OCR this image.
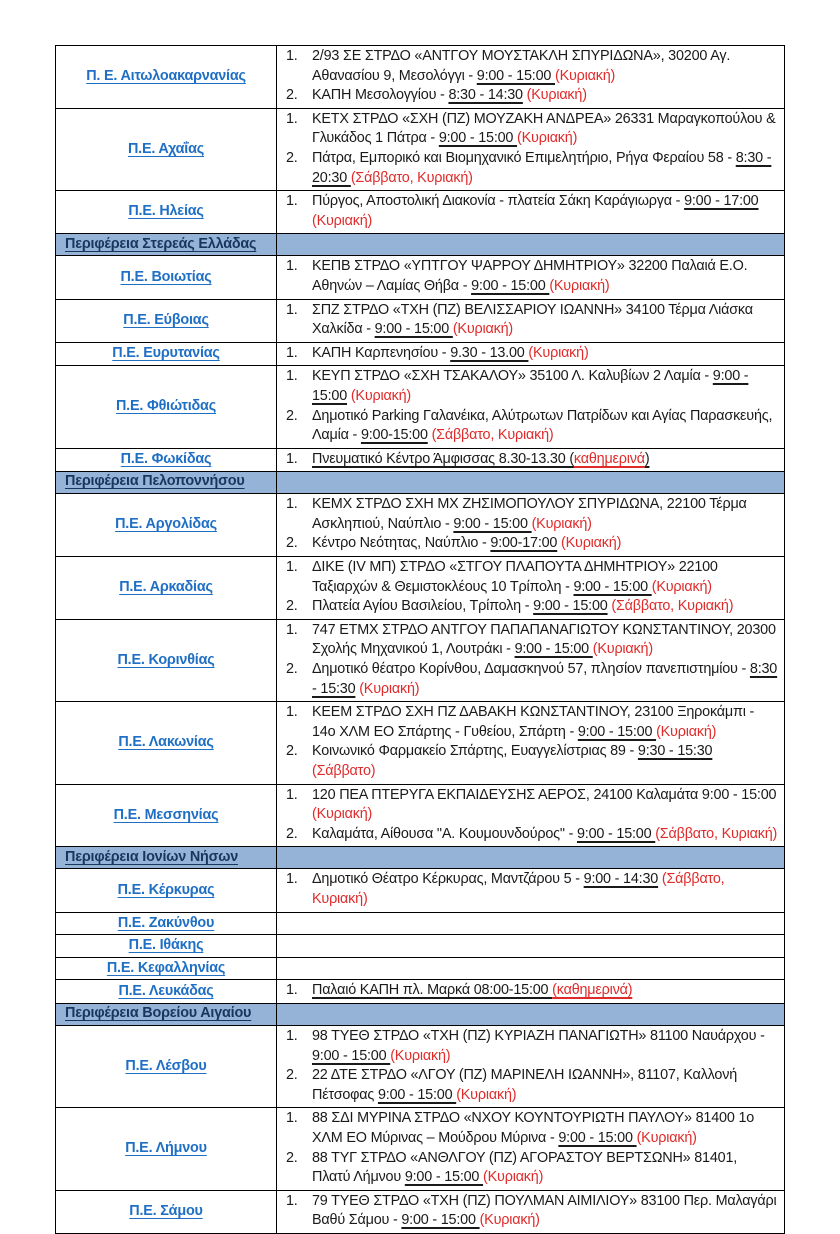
Π. Ε. Αιτωλοακαρνανίας	1. 2/93 ΣΕ ΣΤΡΔΟ «ΑΝΤΓΟΥ ΜΟΥΣΤΑΚΛΗ ΣΠΥΡΙΔΩΝΑ», 30200 Αγ. Αθανασίου 9, Μεσολόγγι - 9:00 - 15:00 (Κυριακή)
2. ΚΑΠΗ Μεσολογγίου - 8:30 - 14:30 (Κυριακή)

Π.Ε. Αχαΐας	1. ΚΕΤΧ ΣΤΡΔΟ «ΣΧΗ (ΠΖ) ΜΟΥΖΑΚΗ ΑΝΔΡΕΑ» 26331 Μαραγκοπούλου & Γλυκάδος 1 Πάτρα - 9:00 - 15:00 (Κυριακή)
2. Πάτρα, Εμπορικό και Βιομηχανικό Επιμελητήριο, Ρήγα Φεραίου 58 - 8:30 - 20:30 (Σάββατο, Κυριακή)

Π.Ε. Ηλείας	1. Πύργος, Αποστολική Διακονία - πλατεία Σάκη Καράγιωργα - 9:00 - 17:00 (Κυριακή)

Περιφέρεια Στερεάς Ελλάδας	
Π.Ε. Βοιωτίας	1. ΚΕΠΒ ΣΤΡΔΟ «ΥΠΤΓΟΥ ΨΑΡΡΟΥ ΔΗΜΗΤΡΙΟΥ» 32200 Παλαιά Ε.Ο. Αθηνών – Λαμίας Θήβα - 9:00 - 15:00 (Κυριακή)

Π.Ε. Εύβοιας	1. ΣΠΖ ΣΤΡΔΟ «ΤΧΗ (ΠΖ) ΒΕΛΙΣΣΑΡΙΟΥ ΙΩΑΝΝΗ» 34100 Τέρμα Λιάσκα Χαλκίδα - 9:00 - 15:00 (Κυριακή)

Π.Ε. Ευρυτανίας	1. ΚΑΠΗ Καρπενησίου - 9.30 - 13.00 (Κυριακή)

Π.Ε. Φθιώτιδας	1. ΚΕΥΠ ΣΤΡΔΟ «ΣΧΗ ΤΣΑΚΑΛΟΥ» 35100 Λ. Καλυβίων 2 Λαμία - 9:00 - 15:00 (Κυριακή)
2. Δημοτικό Parking Γαλανέικα, Αλύτρωτων Πατρίδων και Αγίας Παρασκευής, Λαμία - 9:00-15:00 (Σάββατο, Κυριακή)

Π.Ε. Φωκίδας	1. Πνευματικό Κέντρο Άμφισσας 8.30-13.30 (καθημερινά)

Περιφέρεια Πελοποννήσου	
Π.Ε. Αργολίδας	1. ΚΕΜΧ ΣΤΡΔΟ ΣΧΗ ΜΧ ΖΗΣΙΜΟΠΟΥΛΟΥ ΣΠΥΡΙΔΩΝΑ, 22100 Τέρμα Ασκληπιού, Ναύπλιο - 9:00 - 15:00 (Κυριακή)
2. Κέντρο Νεότητας, Ναύπλιο - 9:00-17:00 (Κυριακή)

Π.Ε. Αρκαδίας	1. ΔΙΚΕ (IV ΜΠ) ΣΤΡΔΟ «ΣΤΓΟΥ ΠΛΑΠΟΥΤΑ ΔΗΜΗΤΡΙΟΥ» 22100 Ταξιαρχών & Θεμιστοκλέους 10 Τρίπολη - 9:00 - 15:00 (Κυριακή)
2. Πλατεία Αγίου Βασιλείου, Τρίπολη - 9:00 - 15:00 (Σάββατο, Κυριακή)

Π.Ε. Κορινθίας	1. 747 ΕΤΜΧ ΣΤΡΔΟ ΑΝΤΓΟΥ ΠΑΠΑΠΑΝΑΓΙΩΤΟΥ ΚΩΝΣΤΑΝΤΙΝΟΥ, 20300 Σχολής Μηχανικού 1, Λουτράκι - 9:00 - 15:00 (Κυριακή)
2. Δημοτικό θέατρο Κορίνθου, Δαμασκηνού 57, πλησίον πανεπιστημίου - 8:30 - 15:30 (Κυριακή)

Π.Ε. Λακωνίας	1. ΚΕΕΜ ΣΤΡΔΟ ΣΧΗ ΠΖ ΔΑΒΑΚΗ ΚΩΝΣΤΑΝΤΙΝΟΥ, 23100 Ξηροκάμπι - 14ο ΧΛΜ ΕΟ Σπάρτης - Γυθείου, Σπάρτη - 9:00 - 15:00 (Κυριακή)
2. Κοινωνικό Φαρμακείο Σπάρτης, Ευαγγελίστριας 89 - 9:30 - 15:30 (Σάββατο)

Π.Ε. Μεσσηνίας	1. 120 ΠΕΑ ΠΤΕΡΥΓΑ ΕΚΠΑΙΔΕΥΣΗΣ ΑΕΡΟΣ, 24100 Καλαμάτα 9:00 - 15:00 (Κυριακή)
2. Καλαμάτα, Αίθουσα "Α. Κουμουνδούρος" - 9:00 - 15:00 (Σάββατο, Κυριακή)

Περιφέρεια Ιονίων Νήσων	
Π.Ε. Κέρκυρας	1. Δημοτικό Θέατρο Κέρκυρας, Μαντζάρου 5 - 9:00 - 14:30 (Σάββατο, Κυριακή)

Π.Ε. Ζακύνθου	
Π.Ε. Ιθάκης	
Π.Ε. Κεφαλληνίας	
Π.Ε. Λευκάδας	1. Παλαιό ΚΑΠΗ πλ. Μαρκά 08:00-15:00 (καθημερινά)

Περιφέρεια Βορείου Αιγαίου	
Π.Ε. Λέσβου	1. 98 ΤΥΕΘ ΣΤΡΔΟ «ΤΧΗ (ΠΖ) ΚΥΡΙΑΖΗ ΠΑΝΑΓΙΩΤΗ» 81100 Ναυάρχου - 9:00 - 15:00 (Κυριακή)
2. 22 ΔΤΕ ΣΤΡΔΟ «ΛΓΟΥ (ΠΖ) ΜΑΡΙΝΕΛΗ ΙΩΑΝΝΗ», 81107, Καλλονή Πέτσοφας 9:00 - 15:00 (Κυριακή)

Π.Ε. Λήμνου	1. 88 ΣΔΙ ΜΥΡΙΝΑ ΣΤΡΔΟ «ΝΧΟΥ ΚΟΥΝΤΟΥΡΙΩΤΗ ΠΑΥΛΟΥ» 81400 1ο ΧΛΜ ΕΟ Μύρινας – Μούδρου Μύρινα - 9:00 - 15:00 (Κυριακή)
2. 88 ΤΥΓ ΣΤΡΔΟ «ΑΝΘΛΓΟΥ (ΠΖ) ΑΓΟΡΑΣΤΟΥ ΒΕΡΤΣΩΝΗ» 81401, Πλατύ Λήμνου 9:00 - 15:00 (Κυριακή)

Π.Ε. Σάμου	1. 79 ΤΥΕΘ ΣΤΡΔΟ «ΤΧΗ (ΠΖ) ΠΟΥΛΜΑΝ ΑΙΜΙΛΙΟΥ» 83100 Περ. Μαλαγάρι Βαθύ Σάμου - 9:00 - 15:00 (Κυριακή)
